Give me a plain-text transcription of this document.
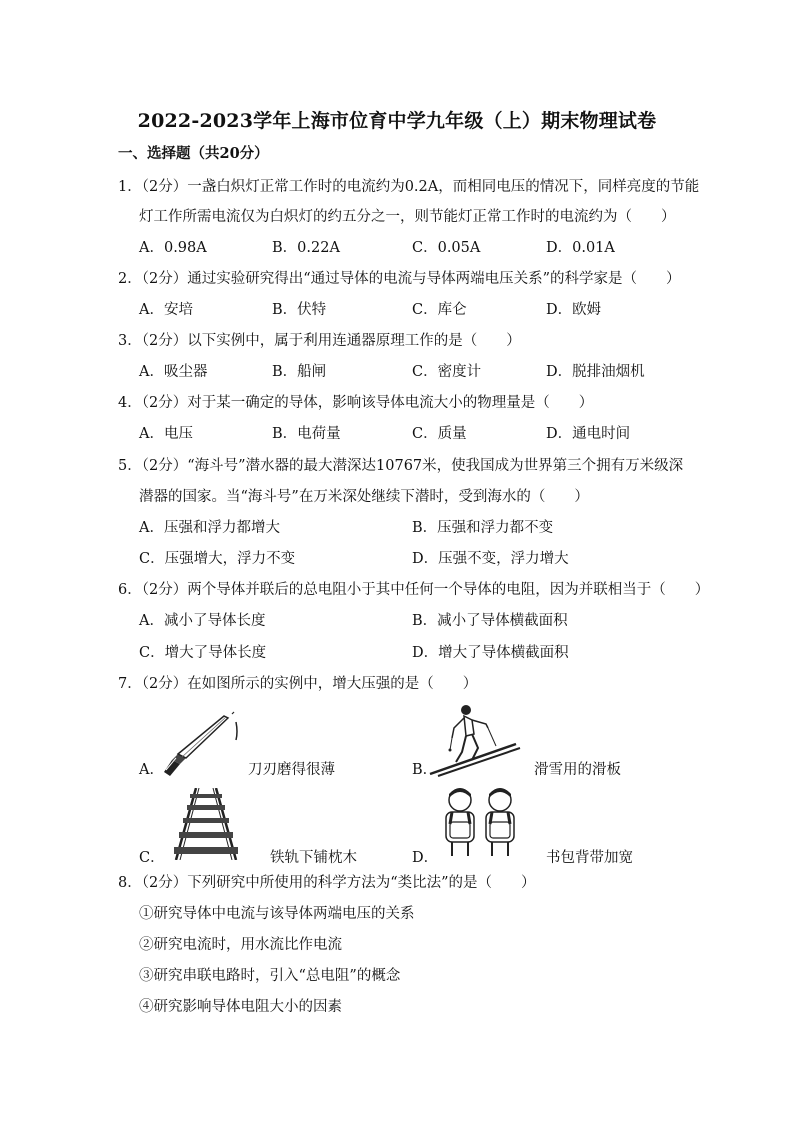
2022-2023学年上海市位育中学九年级（上）期末物理试卷
一、选择题（共20分）
1．（2分）一盏白炽灯正常工作时的电流约为0.2A，而相同电压的情况下，同样亮度的节能
灯工作所需电流仅为白炽灯的约五分之一，则节能灯正常工作时的电流约为（　　）
A．0.98A	B．0.22A	C．0.05A	D．0.01A
2．（2分）通过实验研究得出“通过导体的电流与导体两端电压关系”的科学家是（　　）
A．安培	B．伏特	C．库仑	D．欧姆
3．（2分）以下实例中，属于利用连通器原理工作的是（　　）
A．吸尘器	B．船闸	C．密度计	D．脱排油烟机
4．（2分）对于某一确定的导体，影响该导体电流大小的物理量是（　　）
A．电压	B．电荷量	C．质量	D．通电时间
5．（2分）“海斗号”潜水器的最大潜深达10767米，使我国成为世界第三个拥有万米级深
潜器的国家。当“海斗号”在万米深处继续下潜时，受到海水的（　　）
A．压强和浮力都增大	B．压强和浮力都不变
C．压强增大，浮力不变	D．压强不变，浮力增大
6．（2分）两个导体并联后的总电阻小于其中任何一个导体的电阻，因为并联相当于（　　）
A．减小了导体长度	B．减小了导体横截面积
C．增大了导体长度	D．增大了导体横截面积
7．（2分）在如图所示的实例中，增大压强的是（　　）
A．	刀刃磨得很薄	B．	滑雪用的滑板
C．	铁轨下铺枕木	D．	书包背带加宽
8．（2分）下列研究中所使用的科学方法为“类比法”的是（　　）
①研究导体中电流与该导体两端电压的关系
②研究电流时，用水流比作电流
③研究串联电路时，引入“总电阻”的概念
④研究影响导体电阻大小的因素
